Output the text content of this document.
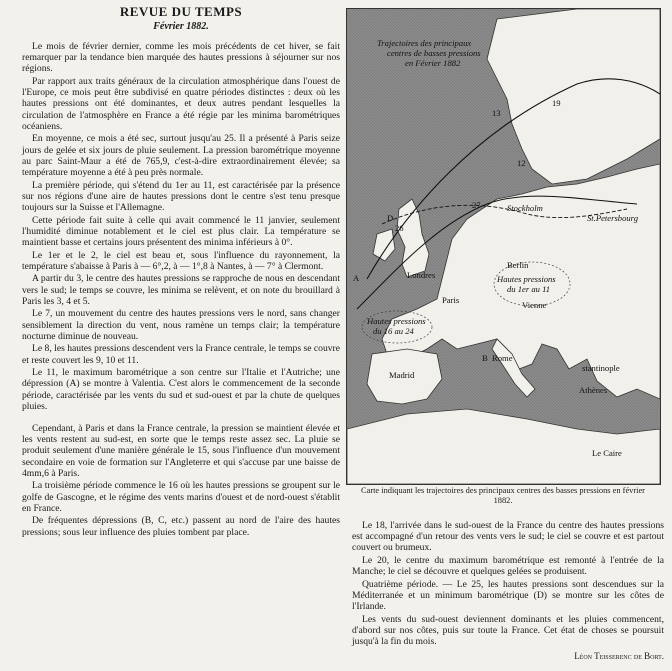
REVUE DU TEMPS
Février 1882.

Le mois de février dernier, comme les mois précédents de cet hiver, se fait remarquer par la tendance bien marquée des hautes pressions à séjourner sur nos régions.

Par rapport aux traits généraux de la circulation atmosphérique dans l'ouest de l'Europe, ce mois peut être subdivisé en quatre périodes distinctes : deux où les hautes pressions ont été dominantes, et deux autres pendant lesquelles la circulation de l'atmosphère en France a été régie par les minima barométriques océaniens.

En moyenne, ce mois a été sec, surtout jusqu'au 25. Il a présenté à Paris seize jours de gelée et six jours de pluie seulement. La pression barométrique moyenne au parc Saint-Maur a été de 765,9, c'est-à-dire extraordinairement élevée; sa température moyenne a été à peu près normale.

La première période, qui s'étend du 1er au 11, est caractérisée par la présence sur nos régions d'une aire de hautes pressions dont le centre s'est tenu presque toujours sur la Suisse et l'Allemagne.

Cette période fait suite à celle qui avait commencé le 11 janvier, seulement l'humidité diminue notablement et le ciel est plus clair. La température se maintient basse et certains jours présentent des minima inférieurs à 0°.

Le 1er et le 2, le ciel est beau et, sous l'influence du rayonnement, la température s'abaisse à Paris à — 6°,2, à — 1°,8 à Nantes, à — 7° à Clermont.

A partir du 3, le centre des hautes pressions se rapproche de nous en descendant vers le sud; le temps se couvre, les minima se relèvent, et on note du brouillard à Paris les 3, 4 et 5.

Le 7, un mouvement du centre des hautes pressions vers le nord, sans changer sensiblement la direction du vent, nous ramène un temps clair; la température nocturne diminue de nouveau.

Le 8, les hautes pressions descendent vers la France centrale, le temps se couvre et reste couvert les 9, 10 et 11.

Le 11, le maximum barométrique a son centre sur l'Italie et l'Autriche; une dépression (A) se montre à Valentia. C'est alors le commencement de la seconde période, caractérisée par les vents du sud et sud-ouest et par la chute de quelques pluies.

Cependant, à Paris et dans la France centrale, la pression se maintient élevée et les vents restent au sud-est, en sorte que le temps reste assez sec. La pluie se produit seulement d'une manière générale le 15, sous l'influence d'un mouvement secondaire en voie de formation sur l'Angleterre et qui s'accuse par une baisse de 4mm,6 à Paris.

La troisième période commence le 16 où les hautes pressions se groupent sur le golfe de Gascogne, et le régime des vents marins d'ouest et de nord-ouest s'établit en France.

De fréquentes dépressions (B, C, etc.) passent au nord de l'aire des hautes pressions; sous leur influence des pluies tombent par place.

Trajectoires des principaux
centres de basses pressions
en Février 1882
13
19
12
27
26
D
A
B
Stockholm
St.Petersbourg
Londres
Paris
Berlin
Hautes pressions
du 1er au 11
Vienne
Hautes pressions
du 16 au 24
Rome
Madrid
stantinople
Athènes
Le Caire
Carte indiquant les trajectoires des principaux centres des basses pressions en février 1882.

Le 18, l'arrivée dans le sud-ouest de la France du centre des hautes pressions est accompagné d'un retour des vents vers le sud; le ciel se couvre et est partout couvert ou brumeux.

Le 20, le centre du maximum barométrique est remonté à l'entrée de la Manche; le ciel se découvre et quelques gelées se produisent.

Quatrième période. — Le 25, les hautes pressions sont descendues sur la Méditerranée et un minimum barométrique (D) se montre sur les côtes de l'Irlande.

Les vents du sud-ouest deviennent dominants et les pluies commencent, d'abord sur nos côtes, puis sur toute la France. Cet état de choses se poursuit jusqu'à la fin du mois.

Léon Teisserenc de Bort.
